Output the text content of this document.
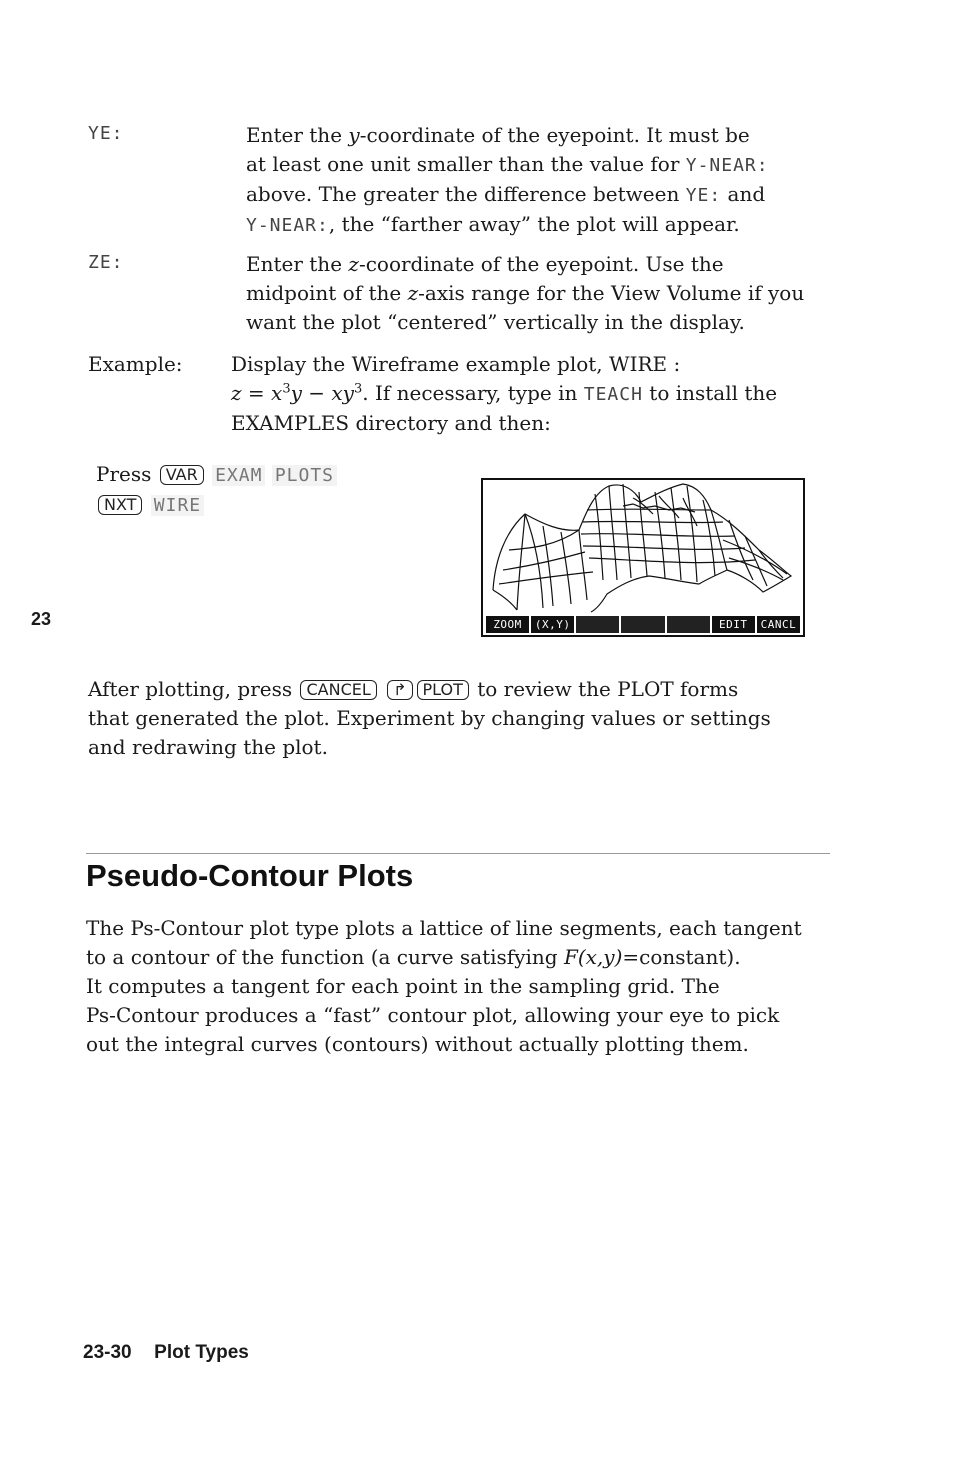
YE:	Enter the y-coordinate of the eyepoint. It must be
at least one unit smaller than the value for Y-NEAR:
above. The greater the difference between YE: and
Y-NEAR:, the “farther away” the plot will appear.
ZE:	Enter the z-coordinate of the eyepoint. Use the
midpoint of the z-axis range for the View Volume if you
want the plot “centered” vertically in the display.
Example: Display the Wireframe example plot, WIRE :
$z = x^3y - xy^3$. If necessary, type in TEACH to install the
EXAMPLES directory and then:
Press VAR EXAM PLOTS
NXT WIRE
23	ZOOM	(X,Y)	EDIT	CANCL
After plotting, press CANCEL ↱ PLOT to review the PLOT forms
that generated the plot. Experiment by changing values or settings
and redrawing the plot.
Pseudo-Contour Plots
The Ps-Contour plot type plots a lattice of line segments, each tangent
to a contour of the function (a curve satisfying F(x,y)=constant).
It computes a tangent for each point in the sampling grid. The
Ps-Contour produces a “fast” contour plot, allowing your eye to pick
out the integral curves (contours) without actually plotting them.
23-30 Plot Types
